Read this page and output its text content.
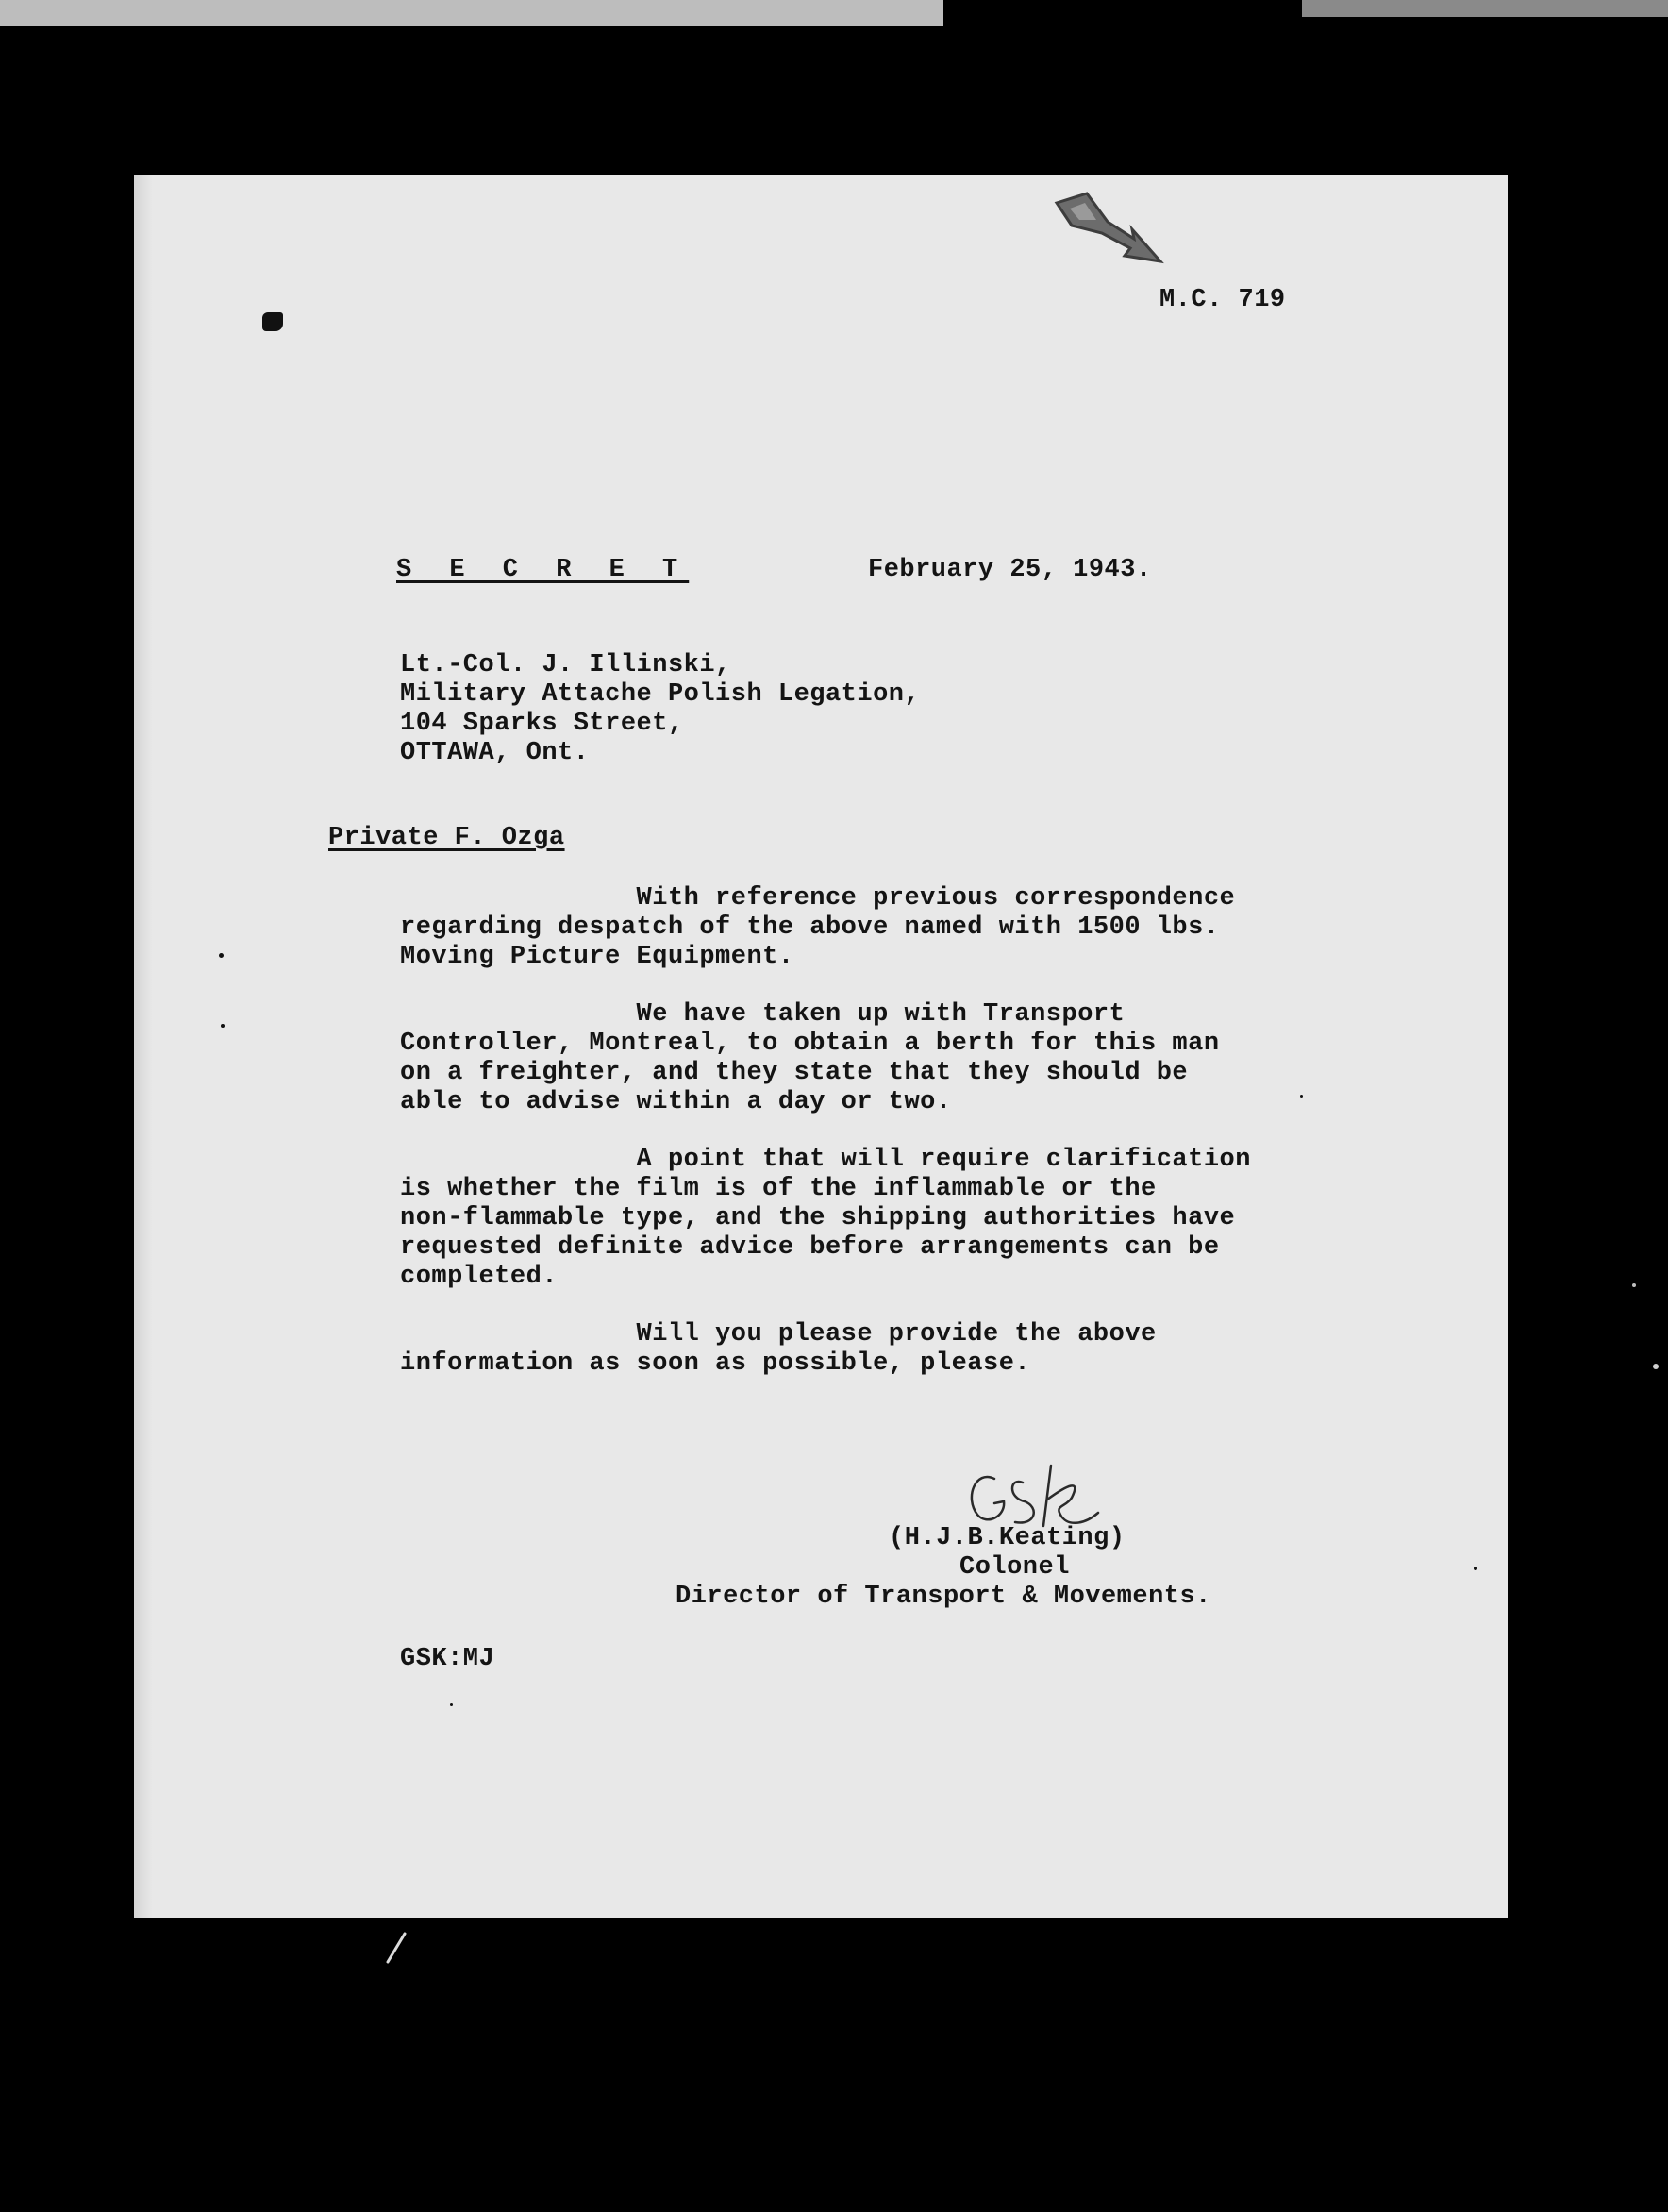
M.C. 719
S E C R E T	February 25, 1943.
Lt.-Col. J. Illinski,
Military Attache Polish Legation,
104 Sparks Street,
OTTAWA, Ont.
Private F. Ozga
With reference previous correspondence
regarding despatch of the above named with 1500 lbs.
Moving Picture Equipment.
We have taken up with Transport
Controller, Montreal, to obtain a berth for this man
on a freighter, and they state that they should be
able to advise within a day or two.
A point that will require clarification
is whether the film is of the inflammable or the
non-flammable type, and the shipping authorities have
requested definite advice before arrangements can be
completed.
Will you please provide the above
information as soon as possible, please.
(H.J.B.Keating)
Colonel
Director of Transport & Movements.
GSK:MJ
